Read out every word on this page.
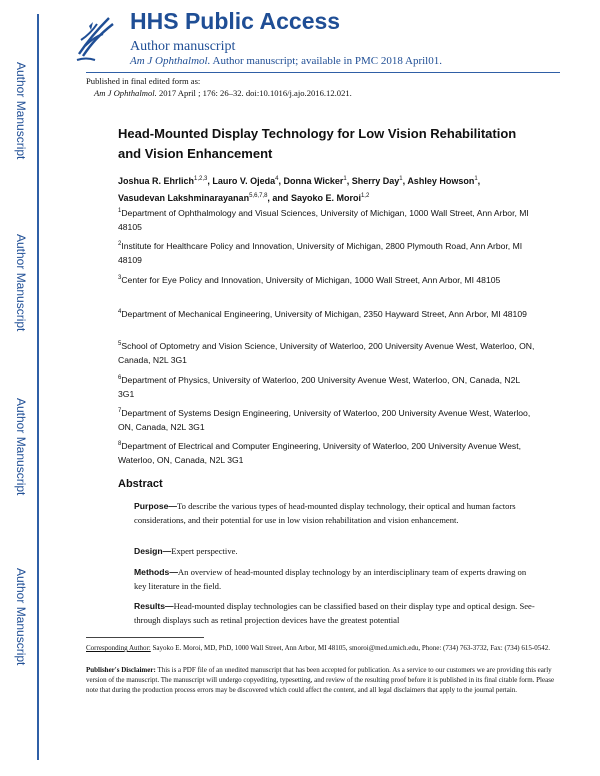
Author Manuscript
Author Manuscript
Author Manuscript
Author Manuscript
HHS Public Access
Author manuscript
Am J Ophthalmol. Author manuscript; available in PMC 2018 April01.
Published in final edited form as:
Am J Ophthalmol. 2017 April ; 176: 26–32. doi:10.1016/j.ajo.2016.12.021.
Head-Mounted Display Technology for Low Vision Rehabilitation and Vision Enhancement
Joshua R. Ehrlich$^{1,2,3}$, Lauro V. Ojeda$^4$, Donna Wicker$^1$, Sherry Day$^1$, Ashley Howson$^1$,
Vasudevan Lakshminarayanan$^{5,6,7,8}$, and Sayoko E. Moroi$^{1,2}$
$^1$Department of Ophthalmology and Visual Sciences, University of Michigan, 1000 Wall Street, Ann Arbor, MI 48105
$^2$Institute for Healthcare Policy and Innovation, University of Michigan, 2800 Plymouth Road, Ann Arbor, MI 48109
$^3$Center for Eye Policy and Innovation, University of Michigan, 1000 Wall Street, Ann Arbor, MI 48105
$^4$Department of Mechanical Engineering, University of Michigan, 2350 Hayward Street, Ann Arbor, MI 48109
$^5$School of Optometry and Vision Science, University of Waterloo, 200 University Avenue West, Waterloo, ON, Canada, N2L 3G1
$^6$Department of Physics, University of Waterloo, 200 University Avenue West, Waterloo, ON, Canada, N2L 3G1
$^7$Department of Systems Design Engineering, University of Waterloo, 200 University Avenue West, Waterloo, ON, Canada, N2L 3G1
$^8$Department of Electrical and Computer Engineering, University of Waterloo, 200 University Avenue West, Waterloo, ON, Canada, N2L 3G1
Abstract
Purpose—To describe the various types of head-mounted display technology, their optical and human factors considerations, and their potential for use in low vision rehabilitation and vision enhancement.
Design—Expert perspective.
Methods—An overview of head-mounted display technology by an interdisciplinary team of experts drawing on key literature in the field.
Results—Head-mounted display technologies can be classified based on their display type and optical design. See-through displays such as retinal projection devices have the greatest potential
Corresponding Author: Sayoko E. Moroi, MD, PhD, 1000 Wall Street, Ann Arbor, MI 48105, smoroi@med.umich.edu, Phone: (734) 763-3732, Fax: (734) 615-0542.
Publisher's Disclaimer: This is a PDF file of an unedited manuscript that has been accepted for publication. As a service to our customers we are providing this early version of the manuscript. The manuscript will undergo copyediting, typesetting, and review of the resulting proof before it is published in its final citable form. Please note that during the production process errors may be discovered which could affect the content, and all legal disclaimers that apply to the journal pertain.
